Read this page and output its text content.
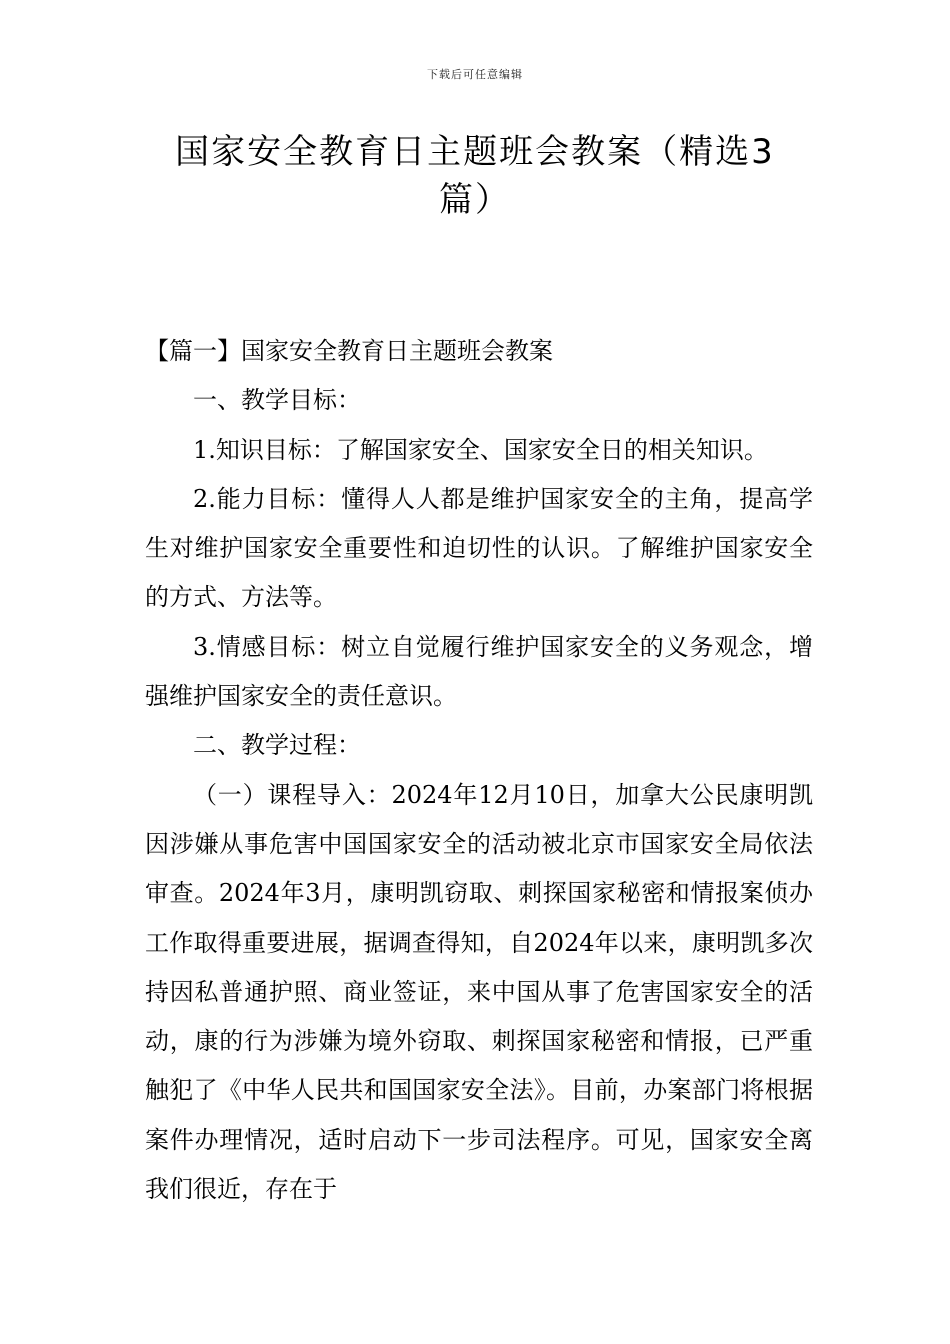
下载后可任意编辑
国家安全教育日主题班会教案（精选3篇）

【篇一】国家安全教育日主题班会教案

一、教学目标：

1.知识目标：了解国家安全、国家安全日的相关知识。

2.能力目标：懂得人人都是维护国家安全的主角，提高学生对维护国家安全重要性和迫切性的认识。了解维护国家安全的方式、方法等。

3.情感目标：树立自觉履行维护国家安全的义务观念，增强维护国家安全的责任意识。

二、教学过程：

（一）课程导入：2024年12月10日，加拿大公民康明凯因涉嫌从事危害中国国家安全的活动被北京市国家安全局依法审查。2024年3月，康明凯窃取、刺探国家秘密和情报案侦办工作取得重要进展，据调查得知，自2024年以来，康明凯多次持因私普通护照、商业签证，来中国从事了危害国家安全的活动，康的行为涉嫌为境外窃取、刺探国家秘密和情报，已严重触犯了《中华人民共和国国家安全法》。目前，办案部门将根据案件办理情况，适时启动下一步司法程序。可见，国家安全离我们很近，存在于
